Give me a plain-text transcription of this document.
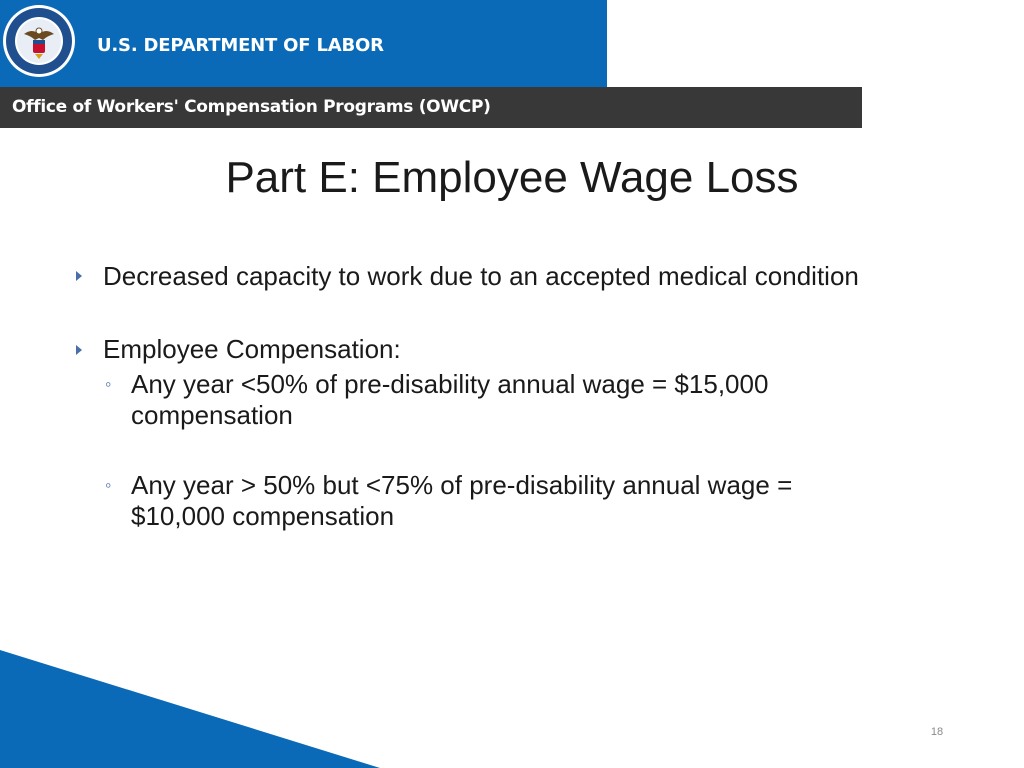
U.S. DEPARTMENT OF LABOR
Office of Workers' Compensation Programs (OWCP)
Part E: Employee Wage Loss
Decreased capacity to work due to an accepted medical condition
Employee Compensation:
◦ Any year <50% of pre-disability annual wage = $15,000 compensation
◦ Any year > 50% but <75% of pre-disability annual wage = $10,000 compensation
18
